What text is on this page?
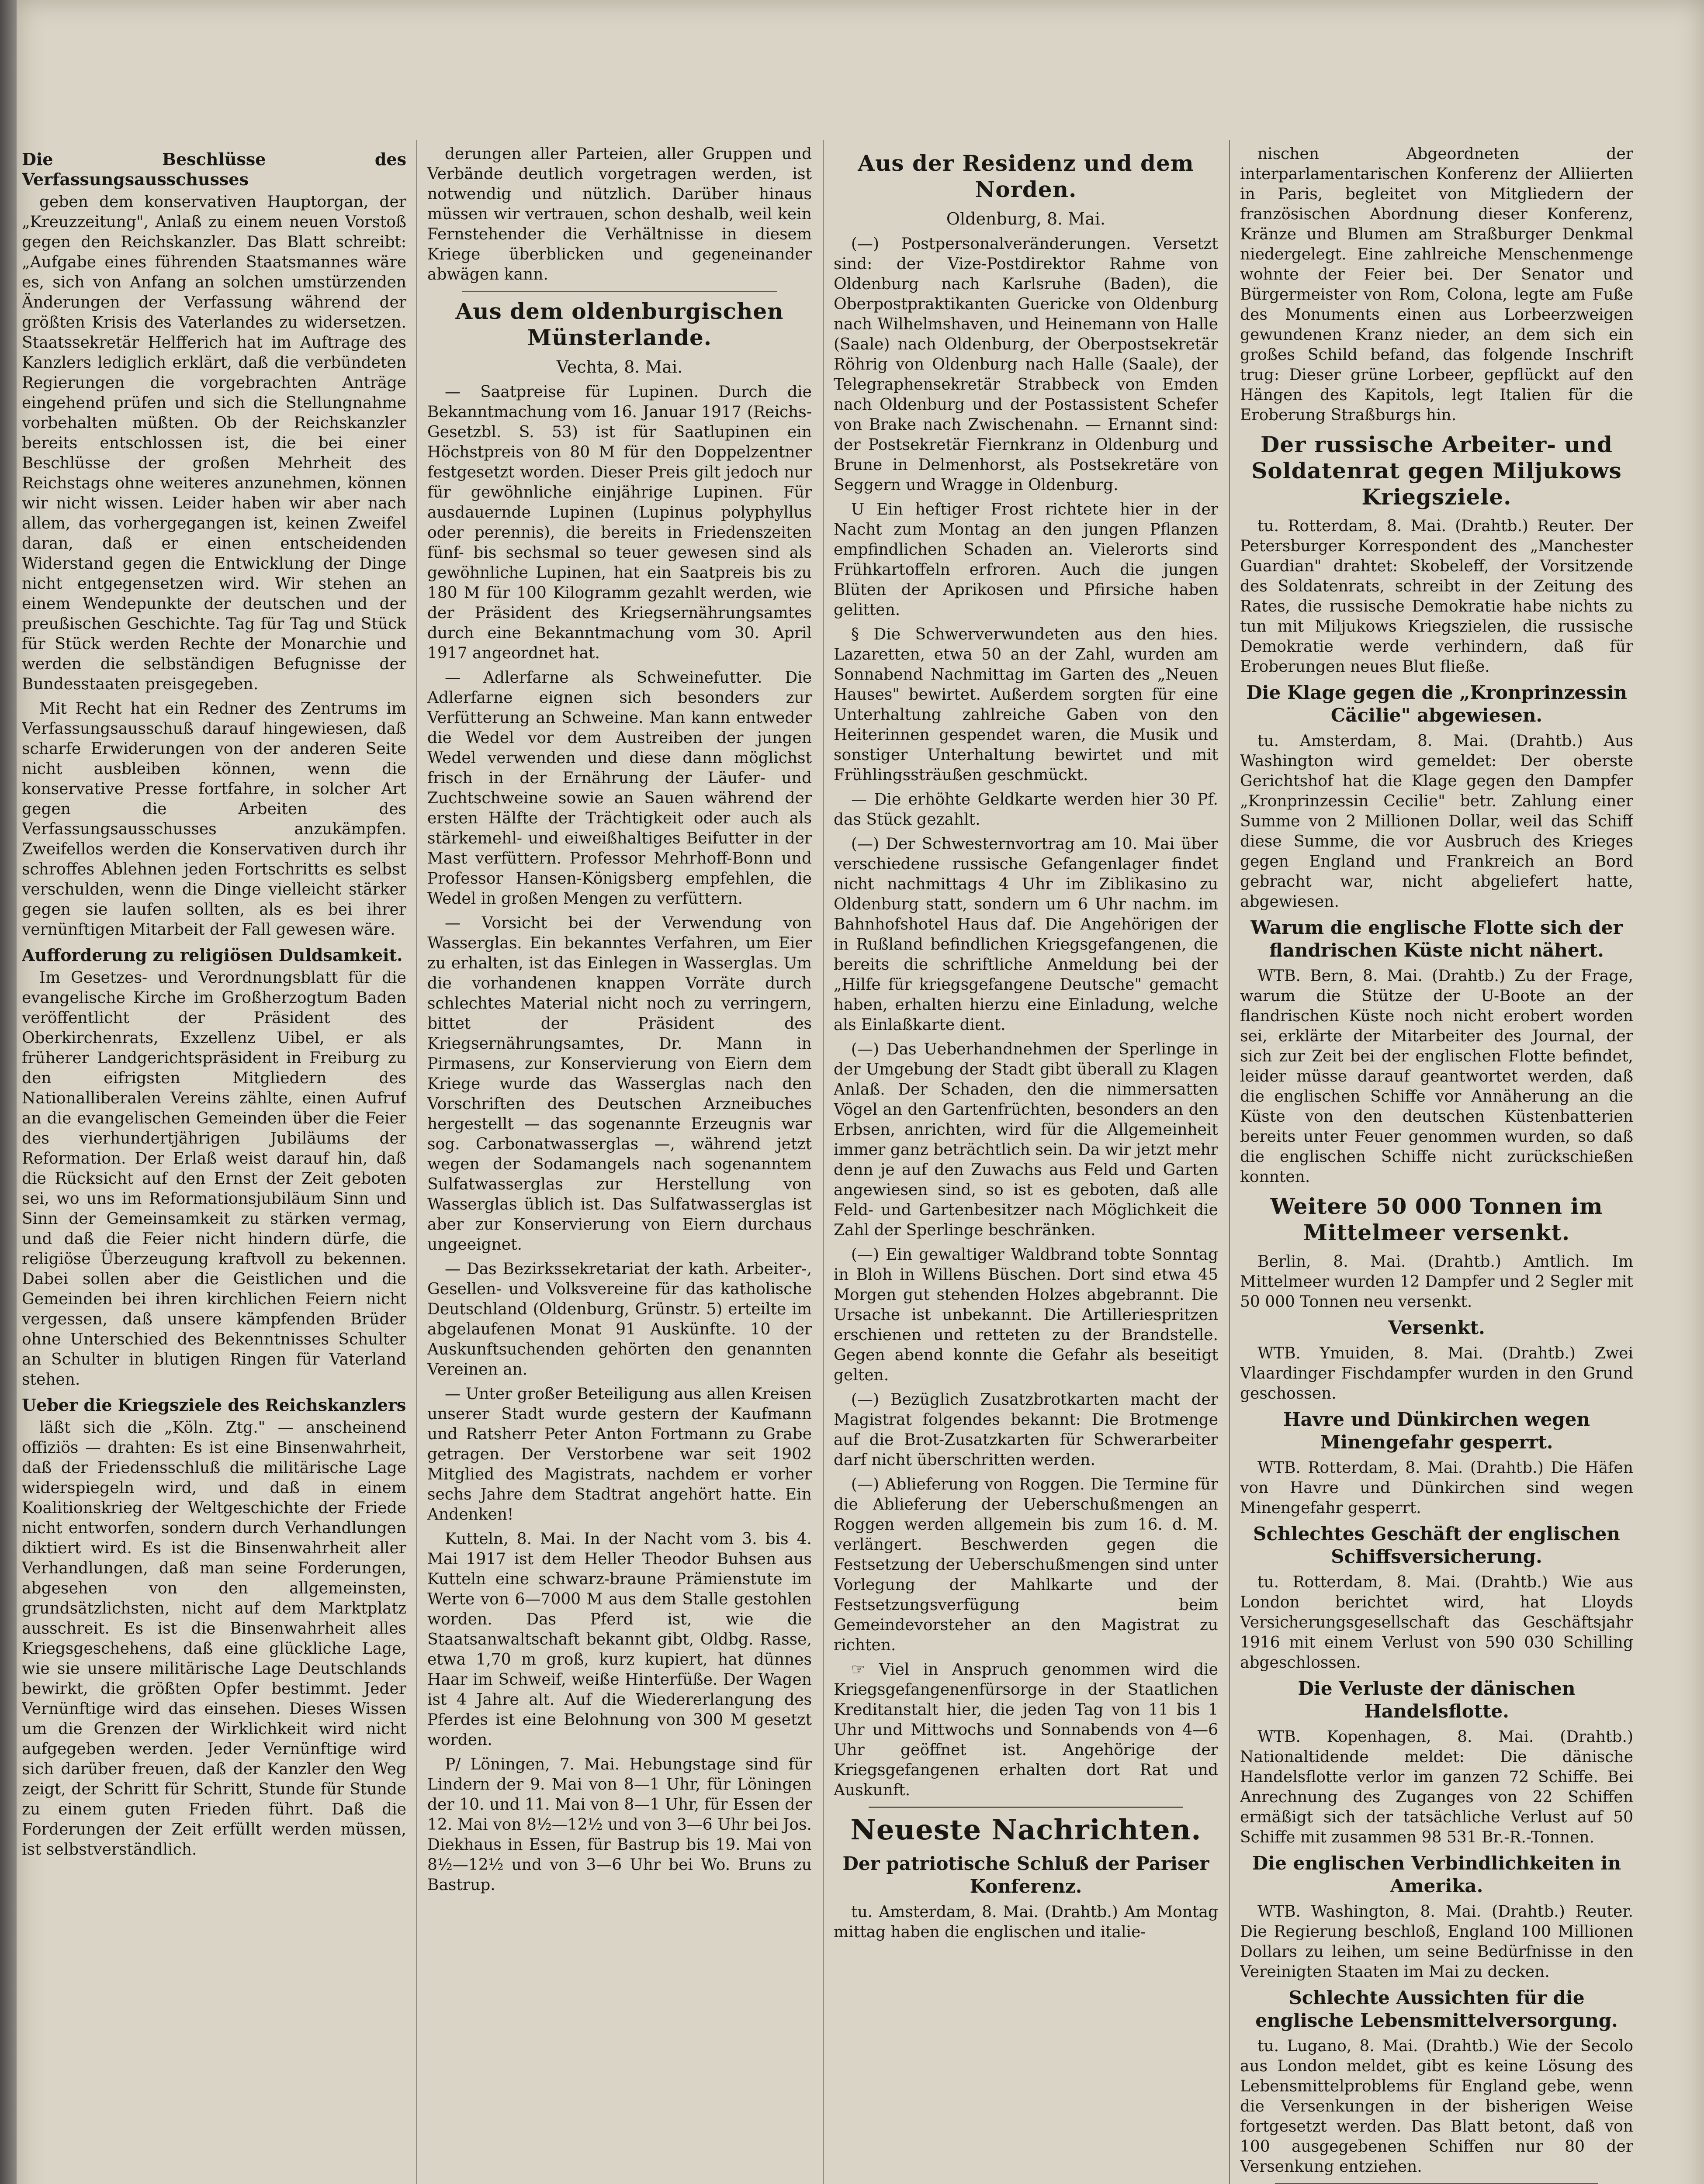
Die Beschlüsse des Verfassungsausschusses

geben dem konservativen Hauptorgan, der „Kreuzzeitung", Anlaß zu einem neuen Vorstoß gegen den Reichskanzler. Das Blatt schreibt: „Aufgabe eines führenden Staatsmannes wäre es, sich von Anfang an solchen umstürzenden Änderungen der Verfassung während der größten Krisis des Vaterlandes zu widersetzen. Staatssekretär Helfferich hat im Auftrage des Kanzlers lediglich erklärt, daß die verbündeten Regierungen die vorgebrachten Anträge eingehend prüfen und sich die Stellungnahme vorbehalten müßten. Ob der Reichskanzler bereits entschlossen ist, die bei einer Beschlüsse der großen Mehrheit des Reichstags ohne weiteres anzunehmen, können wir nicht wissen. Leider haben wir aber nach allem, das vorhergegangen ist, keinen Zweifel daran, daß er einen entscheidenden Widerstand gegen die Entwicklung der Dinge nicht entgegensetzen wird. Wir stehen an einem Wendepunkte der deutschen und der preußischen Geschichte. Tag für Tag und Stück für Stück werden Rechte der Monarchie und werden die selbständigen Befugnisse der Bundesstaaten preisgegeben.

Mit Recht hat ein Redner des Zentrums im Verfassungsausschuß darauf hingewiesen, daß scharfe Erwiderungen von der anderen Seite nicht ausbleiben können, wenn die konservative Presse fortfahre, in solcher Art gegen die Arbeiten des Verfassungsausschusses anzukämpfen. Zweifellos werden die Konservativen durch ihr schroffes Ablehnen jeden Fortschritts es selbst verschulden, wenn die Dinge vielleicht stärker gegen sie laufen sollten, als es bei ihrer vernünftigen Mitarbeit der Fall gewesen wäre.

Aufforderung zu religiösen Duldsamkeit.

Im Gesetzes- und Verordnungsblatt für die evangelische Kirche im Großherzogtum Baden veröffentlicht der Präsident des Oberkirchenrats, Exzellenz Uibel, er als früherer Landgerichtspräsident in Freiburg zu den eifrigsten Mitgliedern des Nationalliberalen Vereins zählte, einen Aufruf an die evangelischen Gemeinden über die Feier des vierhundertjährigen Jubiläums der Reformation. Der Erlaß weist darauf hin, daß die Rücksicht auf den Ernst der Zeit geboten sei, wo uns im Reformationsjubiläum Sinn und Sinn der Gemeinsamkeit zu stärken vermag, und daß die Feier nicht hindern dürfe, die religiöse Überzeugung kraftvoll zu bekennen. Dabei sollen aber die Geistlichen und die Gemeinden bei ihren kirchlichen Feiern nicht vergessen, daß unsere kämpfenden Brüder ohne Unterschied des Bekenntnisses Schulter an Schulter in blutigen Ringen für Vaterland stehen.

Ueber die Kriegsziele des Reichskanzlers

läßt sich die „Köln. Ztg." — anscheinend offiziös — drahten: Es ist eine Binsenwahrheit, daß der Friedensschluß die militärische Lage widerspiegeln wird, und daß in einem Koalitionskrieg der Weltgeschichte der Friede nicht entworfen, sondern durch Verhandlungen diktiert wird. Es ist die Binsenwahrheit aller Verhandlungen, daß man seine Forderungen, abgesehen von den allgemeinsten, grundsätzlichsten, nicht auf dem Marktplatz ausschreit. Es ist die Binsenwahrheit alles Kriegsgeschehens, daß eine glückliche Lage, wie sie unsere militärische Lage Deutschlands bewirkt, die größten Opfer bestimmt. Jeder Vernünftige wird das einsehen. Dieses Wissen um die Grenzen der Wirklichkeit wird nicht aufgegeben werden. Jeder Vernünftige wird sich darüber freuen, daß der Kanzler den Weg zeigt, der Schritt für Schritt, Stunde für Stunde zu einem guten Frieden führt. Daß die Forderungen der Zeit erfüllt werden müssen, ist selbstverständlich.

derungen aller Parteien, aller Gruppen und Verbände deutlich vorgetragen werden, ist notwendig und nützlich. Darüber hinaus müssen wir vertrauen, schon deshalb, weil kein Fernstehender die Verhältnisse in diesem Kriege überblicken und gegeneinander abwägen kann.

Aus dem oldenburgischen Münsterlande.
Vechta, 8. Mai.

— Saatpreise für Lupinen. Durch die Bekanntmachung vom 16. Januar 1917 (Reichs-Gesetzbl. S. 53) ist für Saatlupinen ein Höchstpreis von 80 M für den Doppelzentner festgesetzt worden. Dieser Preis gilt jedoch nur für gewöhnliche einjährige Lupinen. Für ausdauernde Lupinen (Lupinus polyphyllus oder perennis), die bereits in Friedenszeiten fünf- bis sechsmal so teuer gewesen sind als gewöhnliche Lupinen, hat ein Saatpreis bis zu 180 M für 100 Kilogramm gezahlt werden, wie der Präsident des Kriegsernährungsamtes durch eine Bekanntmachung vom 30. April 1917 angeordnet hat.

— Adlerfarne als Schweinefutter. Die Adlerfarne eignen sich besonders zur Verfütterung an Schweine. Man kann entweder die Wedel vor dem Austreiben der jungen Wedel verwenden und diese dann möglichst frisch in der Ernährung der Läufer- und Zuchtschweine sowie an Sauen während der ersten Hälfte der Trächtigkeit oder auch als stärkemehl- und eiweißhaltiges Beifutter in der Mast verfüttern. Professor Mehrhoff-Bonn und Professor Hansen-Königsberg empfehlen, die Wedel in großen Mengen zu verfüttern.

— Vorsicht bei der Verwendung von Wasserglas. Ein bekanntes Verfahren, um Eier zu erhalten, ist das Einlegen in Wasserglas. Um die vorhandenen knappen Vorräte durch schlechtes Material nicht noch zu verringern, bittet der Präsident des Kriegsernährungsamtes, Dr. Mann in Pirmasens, zur Konservierung von Eiern dem Kriege wurde das Wasserglas nach den Vorschriften des Deutschen Arzneibuches hergestellt — das sogenannte Erzeugnis war sog. Carbonatwasserglas —, während jetzt wegen der Sodamangels nach sogenanntem Sulfatwasserglas zur Herstellung von Wasserglas üblich ist. Das Sulfatwasserglas ist aber zur Konservierung von Eiern durchaus ungeeignet.

— Das Bezirkssekretariat der kath. Arbeiter-, Gesellen- und Volksvereine für das katholische Deutschland (Oldenburg, Grünstr. 5) erteilte im abgelaufenen Monat 91 Auskünfte. 10 der Auskunftsuchenden gehörten den genannten Vereinen an.

— Unter großer Beteiligung aus allen Kreisen unserer Stadt wurde gestern der Kaufmann und Ratsherr Peter Anton Fortmann zu Grabe getragen. Der Verstorbene war seit 1902 Mitglied des Magistrats, nachdem er vorher sechs Jahre dem Stadtrat angehört hatte. Ein Andenken!

Kutteln, 8. Mai. In der Nacht vom 3. bis 4. Mai 1917 ist dem Heller Theodor Buhsen aus Kutteln eine schwarz-braune Prämienstute im Werte von 6—7000 M aus dem Stalle gestohlen worden. Das Pferd ist, wie die Staatsanwaltschaft bekannt gibt, Oldbg. Rasse, etwa 1,70 m groß, kurz kupiert, hat dünnes Haar im Schweif, weiße Hinterfüße. Der Wagen ist 4 Jahre alt. Auf die Wiedererlangung des Pferdes ist eine Belohnung von 300 M gesetzt worden.

P/ Löningen, 7. Mai. Hebungstage sind für Lindern der 9. Mai von 8—1 Uhr, für Löningen der 10. und 11. Mai von 8—1 Uhr, für Essen der 12. Mai von 8½—12½ und von 3—6 Uhr bei Jos. Diekhaus in Essen, für Bastrup bis 19. Mai von 8½—12½ und von 3—6 Uhr bei Wo. Bruns zu Bastrup.

Aus der Residenz und dem Norden.
Oldenburg, 8. Mai.

(—) Postpersonalveränderungen. Versetzt sind: der Vize-Postdirektor Rahme von Oldenburg nach Karlsruhe (Baden), die Oberpostpraktikanten Guericke von Oldenburg nach Wilhelmshaven, und Heinemann von Halle (Saale) nach Oldenburg, der Oberpostsekretär Röhrig von Oldenburg nach Halle (Saale), der Telegraphensekretär Strabbeck von Emden nach Oldenburg und der Postassistent Schefer von Brake nach Zwischenahn. — Ernannt sind: der Postsekretär Fiernkranz in Oldenburg und Brune in Delmenhorst, als Postsekretäre von Seggern und Wragge in Oldenburg.

U Ein heftiger Frost richtete hier in der Nacht zum Montag an den jungen Pflanzen empfindlichen Schaden an. Vielerorts sind Frühkartoffeln erfroren. Auch die jungen Blüten der Aprikosen und Pfirsiche haben gelitten.

§ Die Schwerverwundeten aus den hies. Lazaretten, etwa 50 an der Zahl, wurden am Sonnabend Nachmittag im Garten des „Neuen Hauses" bewirtet. Außerdem sorgten für eine Unterhaltung zahlreiche Gaben von den Heiterinnen gespendet waren, die Musik und sonstiger Unterhaltung bewirtet und mit Frühlingssträußen geschmückt.

— Die erhöhte Geldkarte werden hier 30 Pf. das Stück gezahlt.

(—) Der Schwesternvortrag am 10. Mai über verschiedene russische Gefangenlager findet nicht nachmittags 4 Uhr im Ziblikasino zu Oldenburg statt, sondern um 6 Uhr nachm. im Bahnhofshotel Haus daf. Die Angehörigen der in Rußland befindlichen Kriegsgefangenen, die bereits die schriftliche Anmeldung bei der „Hilfe für kriegsgefangene Deutsche" gemacht haben, erhalten hierzu eine Einladung, welche als Einlaßkarte dient.

(—) Das Ueberhandnehmen der Sperlinge in der Umgebung der Stadt gibt überall zu Klagen Anlaß. Der Schaden, den die nimmersatten Vögel an den Gartenfrüchten, besonders an den Erbsen, anrichten, wird für die Allgemeinheit immer ganz beträchtlich sein. Da wir jetzt mehr denn je auf den Zuwachs aus Feld und Garten angewiesen sind, so ist es geboten, daß alle Feld- und Gartenbesitzer nach Möglichkeit die Zahl der Sperlinge beschränken.

(—) Ein gewaltiger Waldbrand tobte Sonntag in Bloh in Willens Büschen. Dort sind etwa 45 Morgen gut stehenden Holzes abgebrannt. Die Ursache ist unbekannt. Die Artilleriespritzen erschienen und retteten zu der Brandstelle. Gegen abend konnte die Gefahr als beseitigt gelten.

(—) Bezüglich Zusatzbrotkarten macht der Magistrat folgendes bekannt: Die Brotmenge auf die Brot-Zusatzkarten für Schwerarbeiter darf nicht überschritten werden.

(—) Ablieferung von Roggen. Die Termine für die Ablieferung der Ueberschußmengen an Roggen werden allgemein bis zum 16. d. M. verlängert. Beschwerden gegen die Festsetzung der Ueberschußmengen sind unter Vorlegung der Mahlkarte und der Festsetzungsverfügung beim Gemeindevorsteher an den Magistrat zu richten.

☞ Viel in Anspruch genommen wird die Kriegsgefangenenfürsorge in der Staatlichen Kreditanstalt hier, die jeden Tag von 11 bis 1 Uhr und Mittwochs und Sonnabends von 4—6 Uhr geöffnet ist. Angehörige der Kriegsgefangenen erhalten dort Rat und Auskunft.

Neueste Nachrichten.
Der patriotische Schluß der Pariser Konferenz.

tu. Amsterdam, 8. Mai. (Drahtb.) Am Montag mittag haben die englischen und italie-

nischen Abgeordneten der interparlamentarischen Konferenz der Alliierten in Paris, begleitet von Mitgliedern der französischen Abordnung dieser Konferenz, Kränze und Blumen am Straßburger Denkmal niedergelegt. Eine zahlreiche Menschenmenge wohnte der Feier bei. Der Senator und Bürgermeister von Rom, Colona, legte am Fuße des Monuments einen aus Lorbeerzweigen gewundenen Kranz nieder, an dem sich ein großes Schild befand, das folgende Inschrift trug: Dieser grüne Lorbeer, gepflückt auf den Hängen des Kapitols, legt Italien für die Eroberung Straßburgs hin.

Der russische Arbeiter- und Soldatenrat gegen Miljukows Kriegsziele.

tu. Rotterdam, 8. Mai. (Drahtb.) Reuter. Der Petersburger Korrespondent des „Manchester Guardian" drahtet: Skobeleff, der Vorsitzende des Soldatenrats, schreibt in der Zeitung des Rates, die russische Demokratie habe nichts zu tun mit Miljukows Kriegszielen, die russische Demokratie werde verhindern, daß für Eroberungen neues Blut fließe.

Die Klage gegen die „Kronprinzessin Cäcilie" abgewiesen.

tu. Amsterdam, 8. Mai. (Drahtb.) Aus Washington wird gemeldet: Der oberste Gerichtshof hat die Klage gegen den Dampfer „Kronprinzessin Cecilie" betr. Zahlung einer Summe von 2 Millionen Dollar, weil das Schiff diese Summe, die vor Ausbruch des Krieges gegen England und Frankreich an Bord gebracht war, nicht abgeliefert hatte, abgewiesen.

Warum die englische Flotte sich der flandrischen Küste nicht nähert.

WTB. Bern, 8. Mai. (Drahtb.) Zu der Frage, warum die Stütze der U-Boote an der flandrischen Küste noch nicht erobert worden sei, erklärte der Mitarbeiter des Journal, der sich zur Zeit bei der englischen Flotte befindet, leider müsse darauf geantwortet werden, daß die englischen Schiffe vor Annäherung an die Küste von den deutschen Küstenbatterien bereits unter Feuer genommen wurden, so daß die englischen Schiffe nicht zurückschießen konnten.

Weitere 50 000 Tonnen im Mittelmeer versenkt.

Berlin, 8. Mai. (Drahtb.) Amtlich. Im Mittelmeer wurden 12 Dampfer und 2 Segler mit 50 000 Tonnen neu versenkt.

Versenkt.

WTB. Ymuiden, 8. Mai. (Drahtb.) Zwei Vlaardinger Fischdampfer wurden in den Grund geschossen.

Havre und Dünkirchen wegen Minengefahr gesperrt.

WTB. Rotterdam, 8. Mai. (Drahtb.) Die Häfen von Havre und Dünkirchen sind wegen Minengefahr gesperrt.

Schlechtes Geschäft der englischen Schiffsversicherung.

tu. Rotterdam, 8. Mai. (Drahtb.) Wie aus London berichtet wird, hat Lloyds Versicherungsgesellschaft das Geschäftsjahr 1916 mit einem Verlust von 590 030 Schilling abgeschlossen.

Die Verluste der dänischen Handelsflotte.

WTB. Kopenhagen, 8. Mai. (Drahtb.) Nationaltidende meldet: Die dänische Handelsflotte verlor im ganzen 72 Schiffe. Bei Anrechnung des Zuganges von 22 Schiffen ermäßigt sich der tatsächliche Verlust auf 50 Schiffe mit zusammen 98 531 Br.-R.-Tonnen.

Die englischen Verbindlichkeiten in Amerika.

WTB. Washington, 8. Mai. (Drahtb.) Reuter. Die Regierung beschloß, England 100 Millionen Dollars zu leihen, um seine Bedürfnisse in den Vereinigten Staaten im Mai zu decken.

Schlechte Aussichten für die englische Lebensmittelversorgung.

tu. Lugano, 8. Mai. (Drahtb.) Wie der Secolo aus London meldet, gibt es keine Lösung des Lebensmittelproblems für England gebe, wenn die Versenkungen in der bisherigen Weise fortgesetzt werden. Das Blatt betont, daß von 100 ausgegebenen Schiffen nur 80 der Versenkung entziehen.
